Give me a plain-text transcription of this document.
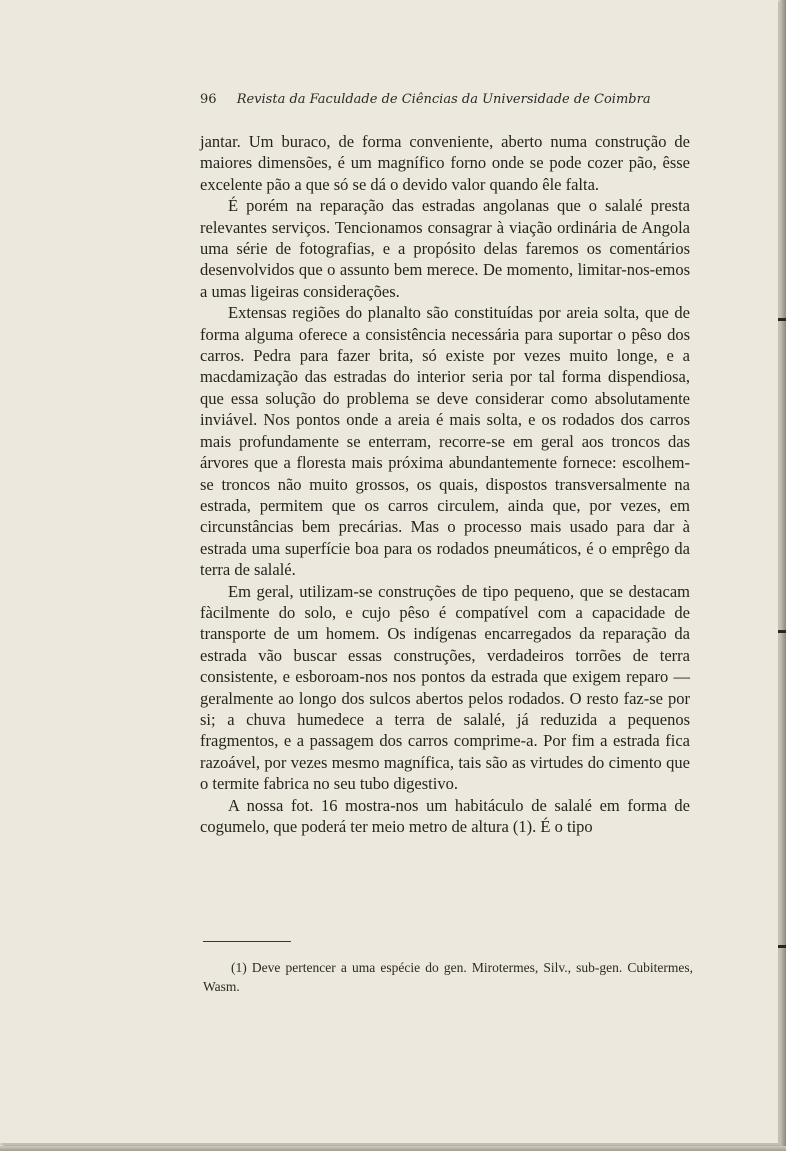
96 Revista da Faculdade de Ciências da Universidade de Coimbra

jantar. Um buraco, de forma conveniente, aberto numa construção de maiores dimensões, é um magnífico forno onde se pode cozer pão, êsse excelente pão a que só se dá o devido valor quando êle falta.

É porém na reparação das estradas angolanas que o salalé presta relevantes serviços. Tencionamos consagrar à viação ordinária de Angola uma série de fotografias, e a propósito delas faremos os comentários desenvolvidos que o assunto bem merece. De momento, limitar-nos-emos a umas ligeiras considerações.

Extensas regiões do planalto são constituídas por areia solta, que de forma alguma oferece a consistência necessária para suportar o pêso dos carros. Pedra para fazer brita, só existe por vezes muito longe, e a macdamização das estradas do interior seria por tal forma dispendiosa, que essa solução do problema se deve considerar como absolutamente inviável. Nos pontos onde a areia é mais solta, e os rodados dos carros mais profundamente se enterram, recorre-se em geral aos troncos das árvores que a floresta mais próxima abundantemente fornece: escolhem-se troncos não muito grossos, os quais, dispostos transversalmente na estrada, permitem que os carros circulem, ainda que, por vezes, em circunstâncias bem precárias. Mas o processo mais usado para dar à estrada uma superfície boa para os rodados pneumáticos, é o emprêgo da terra de salalé.

Em geral, utilizam-se construções de tipo pequeno, que se destacam fàcilmente do solo, e cujo pêso é compatível com a capacidade de transporte de um homem. Os indígenas encarregados da reparação da estrada vão buscar essas construções, verdadeiros torrões de terra consistente, e esboroam-nos nos pontos da estrada que exigem reparo — geralmente ao longo dos sulcos abertos pelos rodados. O resto faz-se por si; a chuva humedece a terra de salalé, já reduzida a pequenos fragmentos, e a passagem dos carros comprime-a. Por fim a estrada fica razoável, por vezes mesmo magnífica, tais são as virtudes do cimento que o termite fabrica no seu tubo digestivo.

A nossa fot. 16 mostra-nos um habitáculo de salalé em forma de cogumelo, que poderá ter meio metro de altura (1). É o tipo

(1) Deve pertencer a uma espécie do gen. Mirotermes, Silv., sub-gen. Cubitermes, Wasm.
